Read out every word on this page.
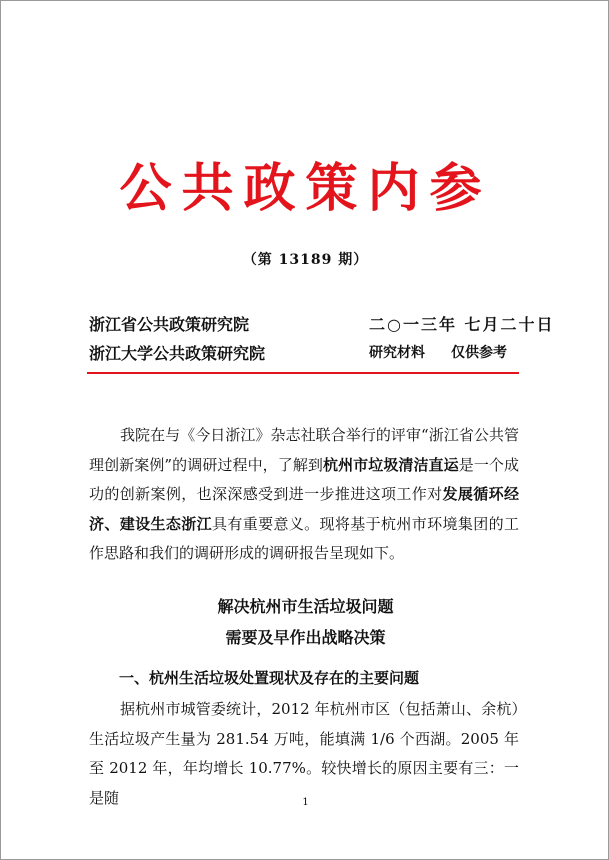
公共政策内参
（第 13189 期）
浙江省公共政策研究院
浙江大学公共政策研究院
二○一三年 七月二十日
研究材料 仅供参考

我院在与《今日浙江》杂志社联合举行的评审“浙江省公共管理创新案例”的调研过程中，了解到杭州市垃圾清洁直运是一个成功的创新案例，也深深感受到进一步推进这项工作对发展循环经济、建设生态浙江具有重要意义。现将基于杭州市环境集团的工作思路和我们的调研形成的调研报告呈现如下。

解决杭州市生活垃圾问题
需要及早作出战略决策
一、杭州生活垃圾处置现状及存在的主要问题

据杭州市城管委统计，2012 年杭州市区（包括萧山、余杭）生活垃圾产生量为 281.54 万吨，能填满 1/6 个西湖。2005 年至 2012 年，年均增长 10.77%。较快增长的原因主要有三：一是随	1
